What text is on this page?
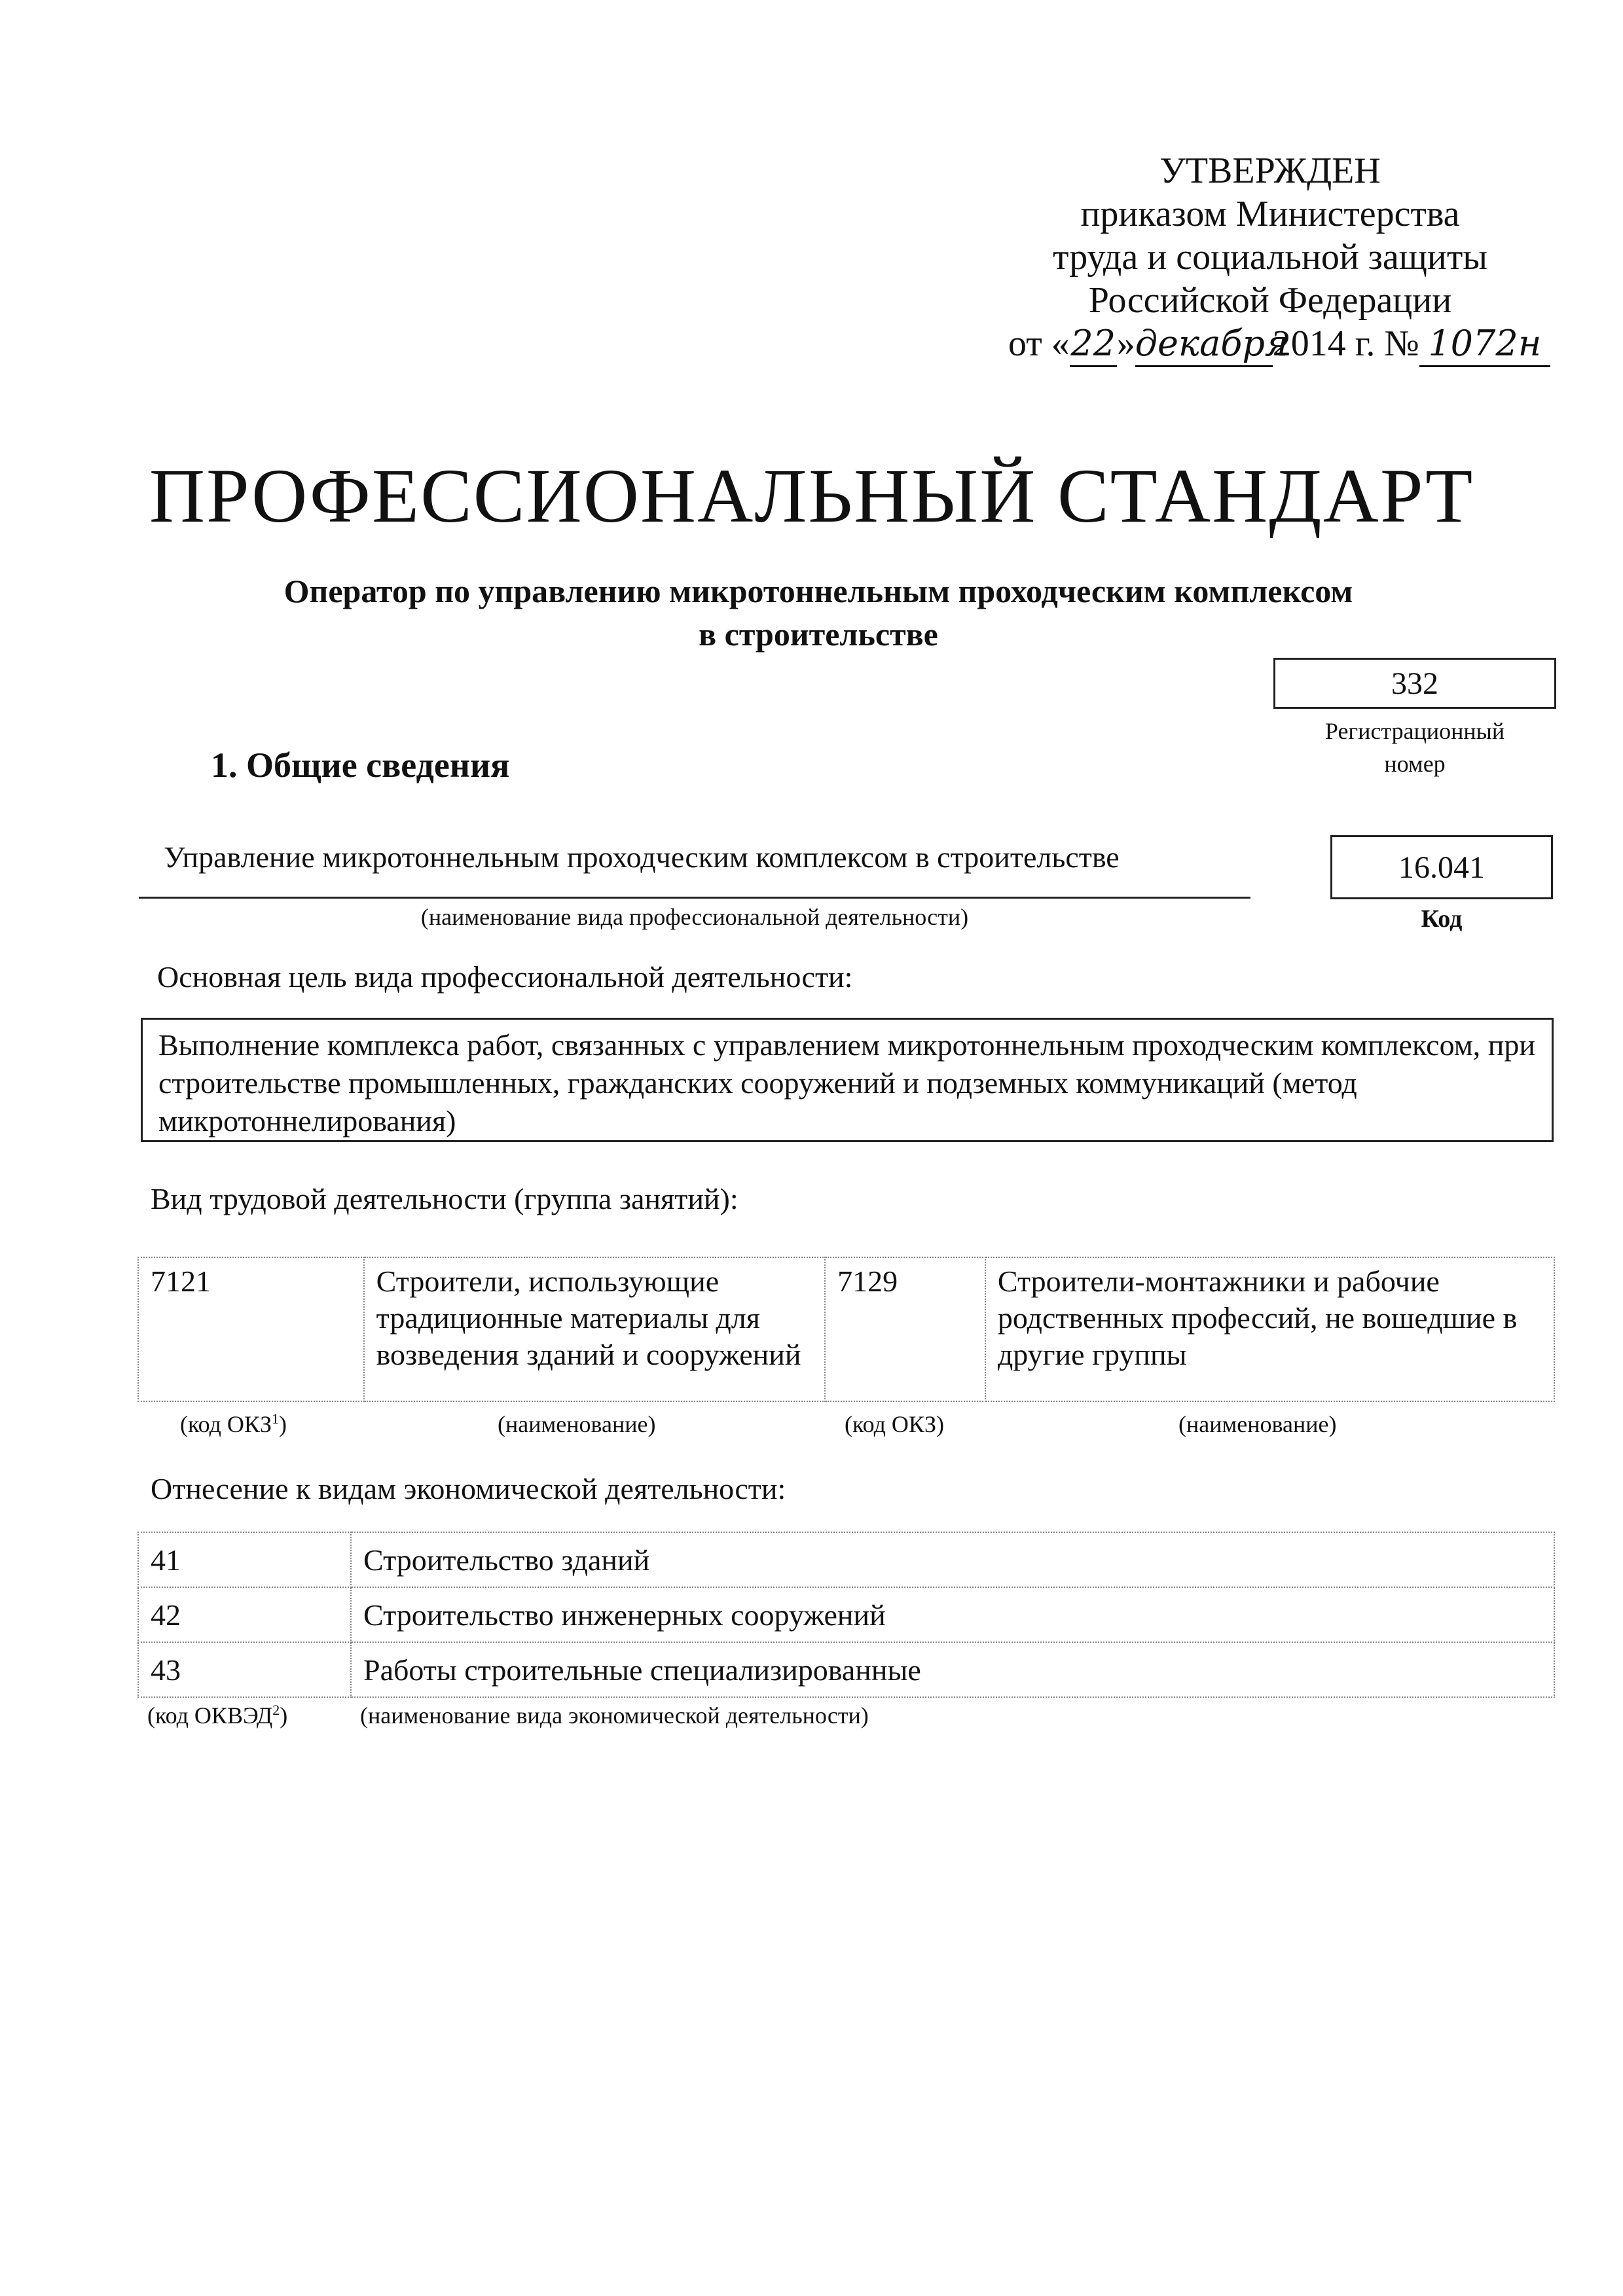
УТВЕРЖДЕН
приказом Министерства
труда и социальной защиты
Российской Федерации
от «22»декабря2014 г. № 1072н
ПРОФЕССИОНАЛЬНЫЙ СТАНДАРТ
Оператор по управлению микротоннельным проходческим комплексом
в строительстве
332
Регистрационный
номер
1. Общие сведения
Управление микротоннельным проходческим комплексом в строительстве
(наименование вида профессиональной деятельности)
16.041
Код
Основная цель вида профессиональной деятельности:
Выполнение комплекса работ, связанных с управлением микротоннельным проходческим комплексом, при строительстве промышленных, гражданских сооружений и подземных коммуникаций (метод микротоннелирования)
Вид трудовой деятельности (группа занятий):
7121	Строители, использующие традиционные материалы для возведения зданий и сооружений	7129	Строители-монтажники и рабочие родственных профессий, не вошедшие в другие группы
(код ОКЗ$^1$)	(наименование)	(код ОКЗ)	(наименование)
Отнесение к видам экономической деятельности:
41	Строительство зданий
42	Строительство инженерных сооружений
43	Работы строительные специализированные
(код ОКВЭД$^2$)	(наименование вида экономической деятельности)
